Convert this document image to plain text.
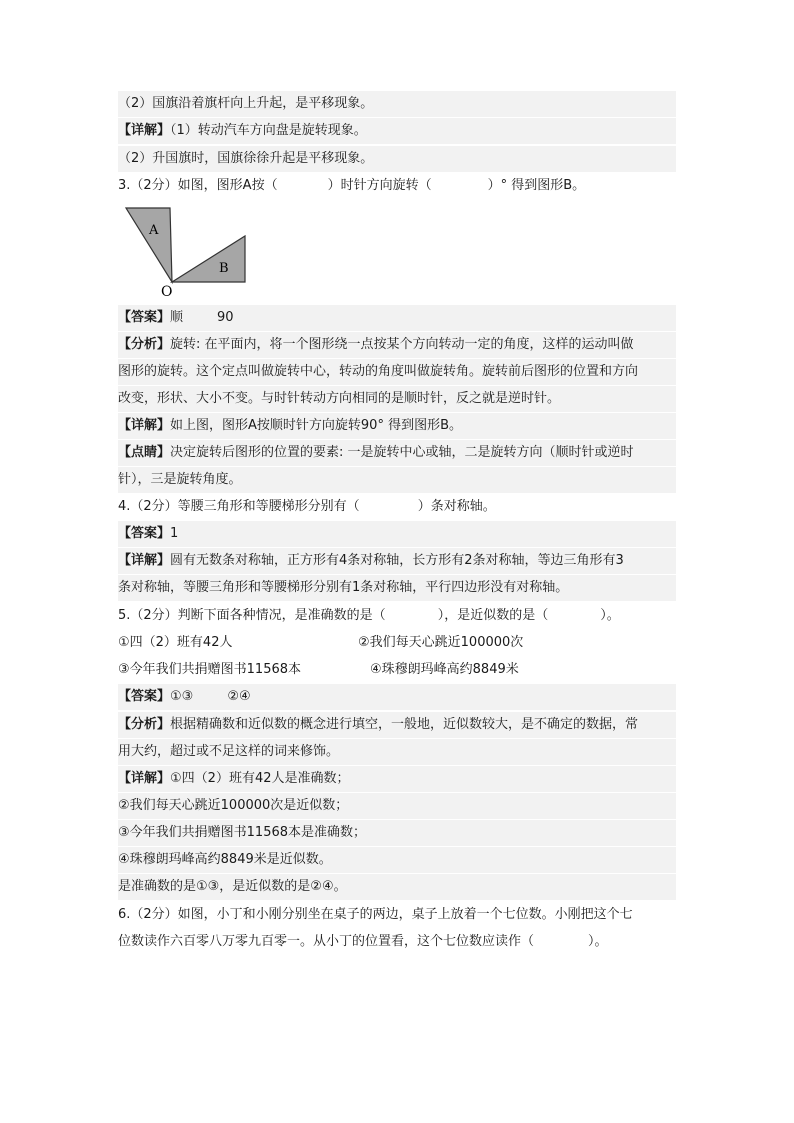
（2）国旗沿着旗杆向上升起，是平移现象。
【详解】（1）转动汽车方向盘是旋转现象。
（2）升国旗时，国旗徐徐升起是平移现象。
3.（2分）如图，图形A按（	）时针方向旋转（	）° 得到图形B。
A
B
O
【答案】顺	90
【分析】旋转: 在平面内，将一个图形绕一点按某个方向转动一定的角度，这样的运动叫做
图形的旋转。这个定点叫做旋转中心，转动的角度叫做旋转角。旋转前后图形的位置和方向
改变，形状、大小不变。与时针转动方向相同的是顺时针，反之就是逆时针。
【详解】如上图，图形A按顺时针方向旋转90° 得到图形B。
【点睛】决定旋转后图形的位置的要素: 一是旋转中心或轴，二是旋转方向（顺时针或逆时
针），三是旋转角度。
4.（2分）等腰三角形和等腰梯形分别有（	）条对称轴。
【答案】1
【详解】圆有无数条对称轴，正方形有4条对称轴，长方形有2条对称轴，等边三角形有3
条对称轴，等腰三角形和等腰梯形分别有1条对称轴，平行四边形没有对称轴。
5.（2分）判断下面各种情况，是准确数的是（	），是近似数的是（	）。
①四（2）班有42人	②我们每天心跳近100000次
③今年我们共捐赠图书11568本	④珠穆朗玛峰高约8849米
【答案】①③	②④
【分析】根据精确数和近似数的概念进行填空，一般地，近似数较大，是不确定的数据，常
用大约，超过或不足这样的词来修饰。
【详解】①四（2）班有42人是准确数；
②我们每天心跳近100000次是近似数；
③今年我们共捐赠图书11568本是准确数；
④珠穆朗玛峰高约8849米是近似数。
是准确数的是①③，是近似数的是②④。
6.（2分）如图，小丁和小刚分别坐在桌子的两边，桌子上放着一个七位数。小刚把这个七
位数读作六百零八万零九百零一。从小丁的位置看，这个七位数应读作（	）。
